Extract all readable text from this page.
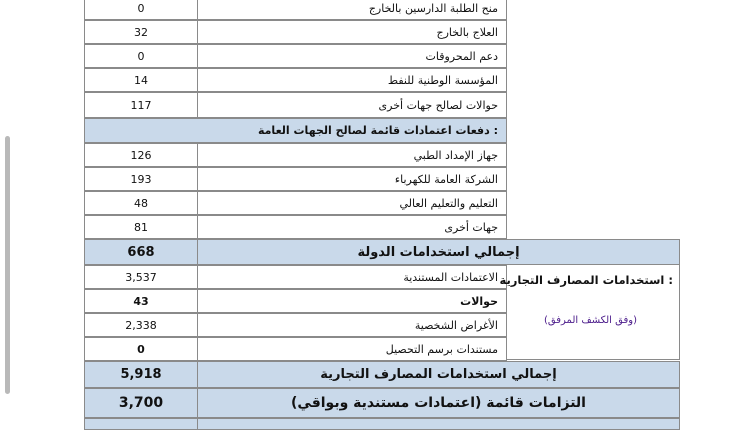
0	منح الطلبة الدارسين بالخارج
32	العلاج بالخارج
0	دعم المحروقات
14	المؤسسة الوطنية للنفط
117	حوالات لصالح جهات أخرى
دفعات اعتمادات قائمة لصالح الجهات العامة :
126	جهاز الإمداد الطبي
193	الشركة العامة للكهرباء
48	التعليم والتعليم العالي
81	جهات أخرى
668	إجمالي استخدامات الدولة
3,537	الاعتمادات المستندية
43	حوالات
2,338	الأغراض الشخصية
0	مستندات برسم التحصيل
استخدامات المصارف التجارية :
(وفق الكشف المرفق)
5,918	إجمالي استخدامات المصارف التجارية
3,700	التزامات قائمة (اعتمادات مستندية وبواقي)
